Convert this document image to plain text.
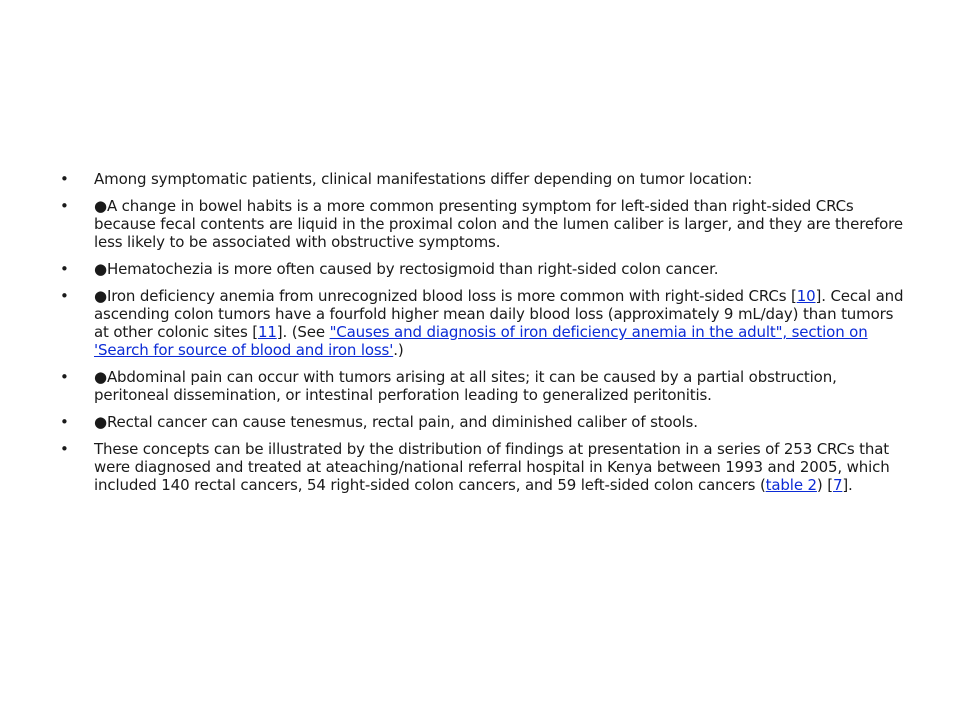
•	Among symptomatic patients, clinical manifestations differ depending on tumor location:
•	●A change in bowel habits is a more common presenting symptom for left-sided than right-sided CRCs because fecal contents are liquid in the proximal colon and the lumen caliber is larger, and they are therefore less likely to be associated with obstructive symptoms.
•	●Hematochezia is more often caused by rectosigmoid than right-sided colon cancer.
•	●Iron deficiency anemia from unrecognized blood loss is more common with right-sided CRCs [10]. Cecal and ascending colon tumors have a fourfold higher mean daily blood loss (approximately 9 mL/day) than tumors at other colonic sites [11]. (See "Causes and diagnosis of iron deficiency anemia in the adult", section on 'Search for source of blood and iron loss'.)
•	●Abdominal pain can occur with tumors arising at all sites; it can be caused by a partial obstruction, peritoneal dissemination, or intestinal perforation leading to generalized peritonitis.
•	●Rectal cancer can cause tenesmus, rectal pain, and diminished caliber of stools.
•	These concepts can be illustrated by the distribution of findings at presentation in a series of 253 CRCs that were diagnosed and treated at ateaching/national referral hospital in Kenya between 1993 and 2005, which included 140 rectal cancers, 54 right-sided colon cancers, and 59 left-sided colon cancers (table 2) [7].
